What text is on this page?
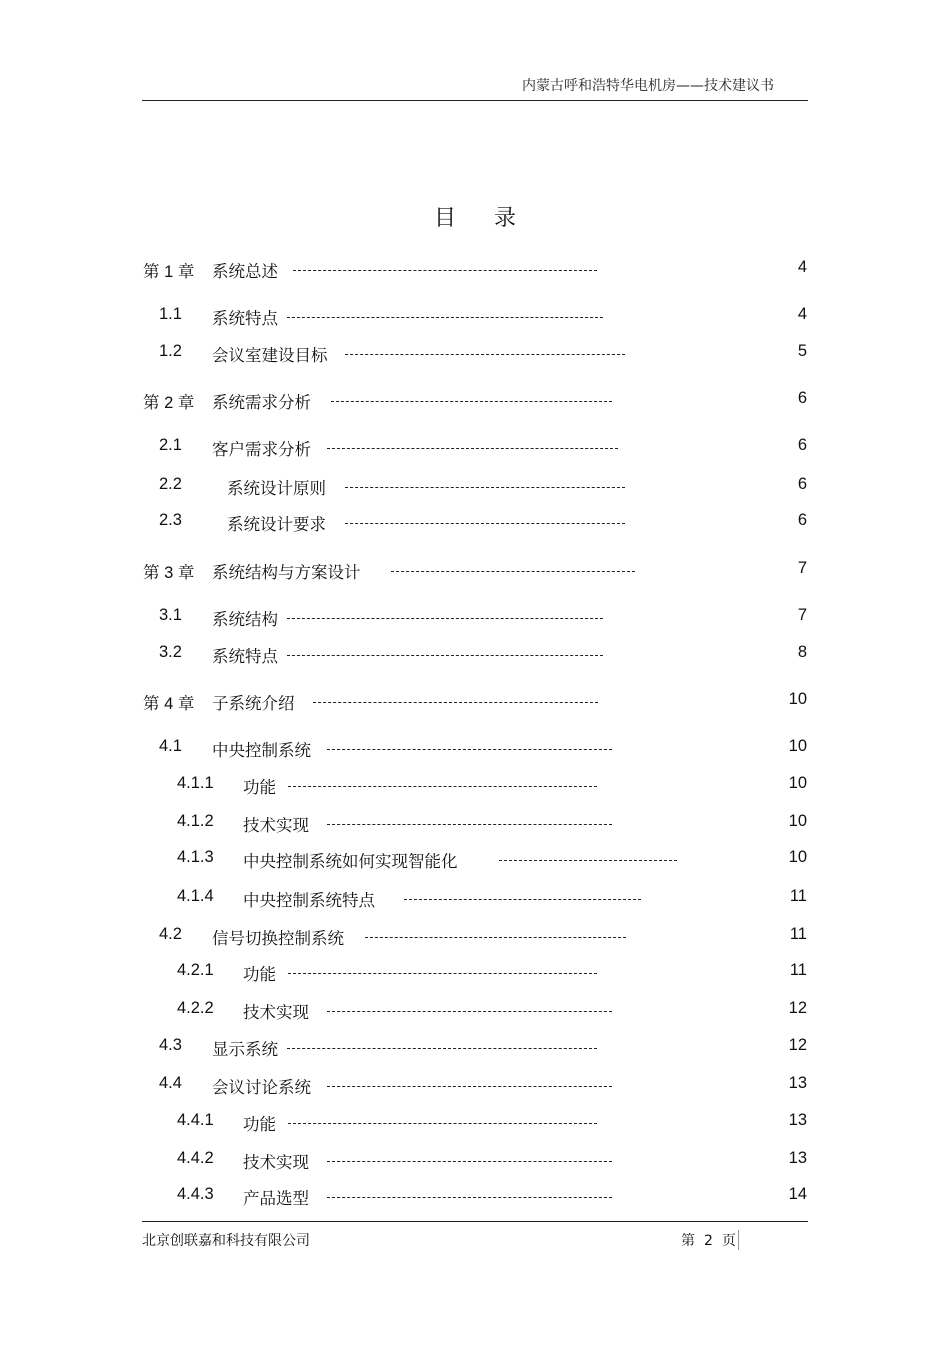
内蒙古呼和浩特华电机房——技术建议书
目录
第 1 章 系统总述	4
1.1 系统特点	4
1.2 会议室建设目标	5
第 2 章 系统需求分析	6
2.1 客户需求分析	6
2.2	系统设计原则	6
2.3	系统设计要求	6
第 3 章 系统结构与方案设计	7
3.1 系统结构	7
3.2 系统特点	8
第 4 章 子系统介绍	10
4.1 中央控制系统	10
4.1.1 功能	10
4.1.2 技术实现	10
4.1.3 中央控制系统如何实现智能化	10
4.1.4 中央控制系统特点	11
4.2 信号切换控制系统	11
4.2.1 功能	11
4.2.2 技术实现	12
4.3 显示系统	12
4.4 会议讨论系统	13
4.4.1 功能	13
4.4.2 技术实现	13
4.4.3 产品选型	14
北京创联嘉和科技有限公司	第 2 页
